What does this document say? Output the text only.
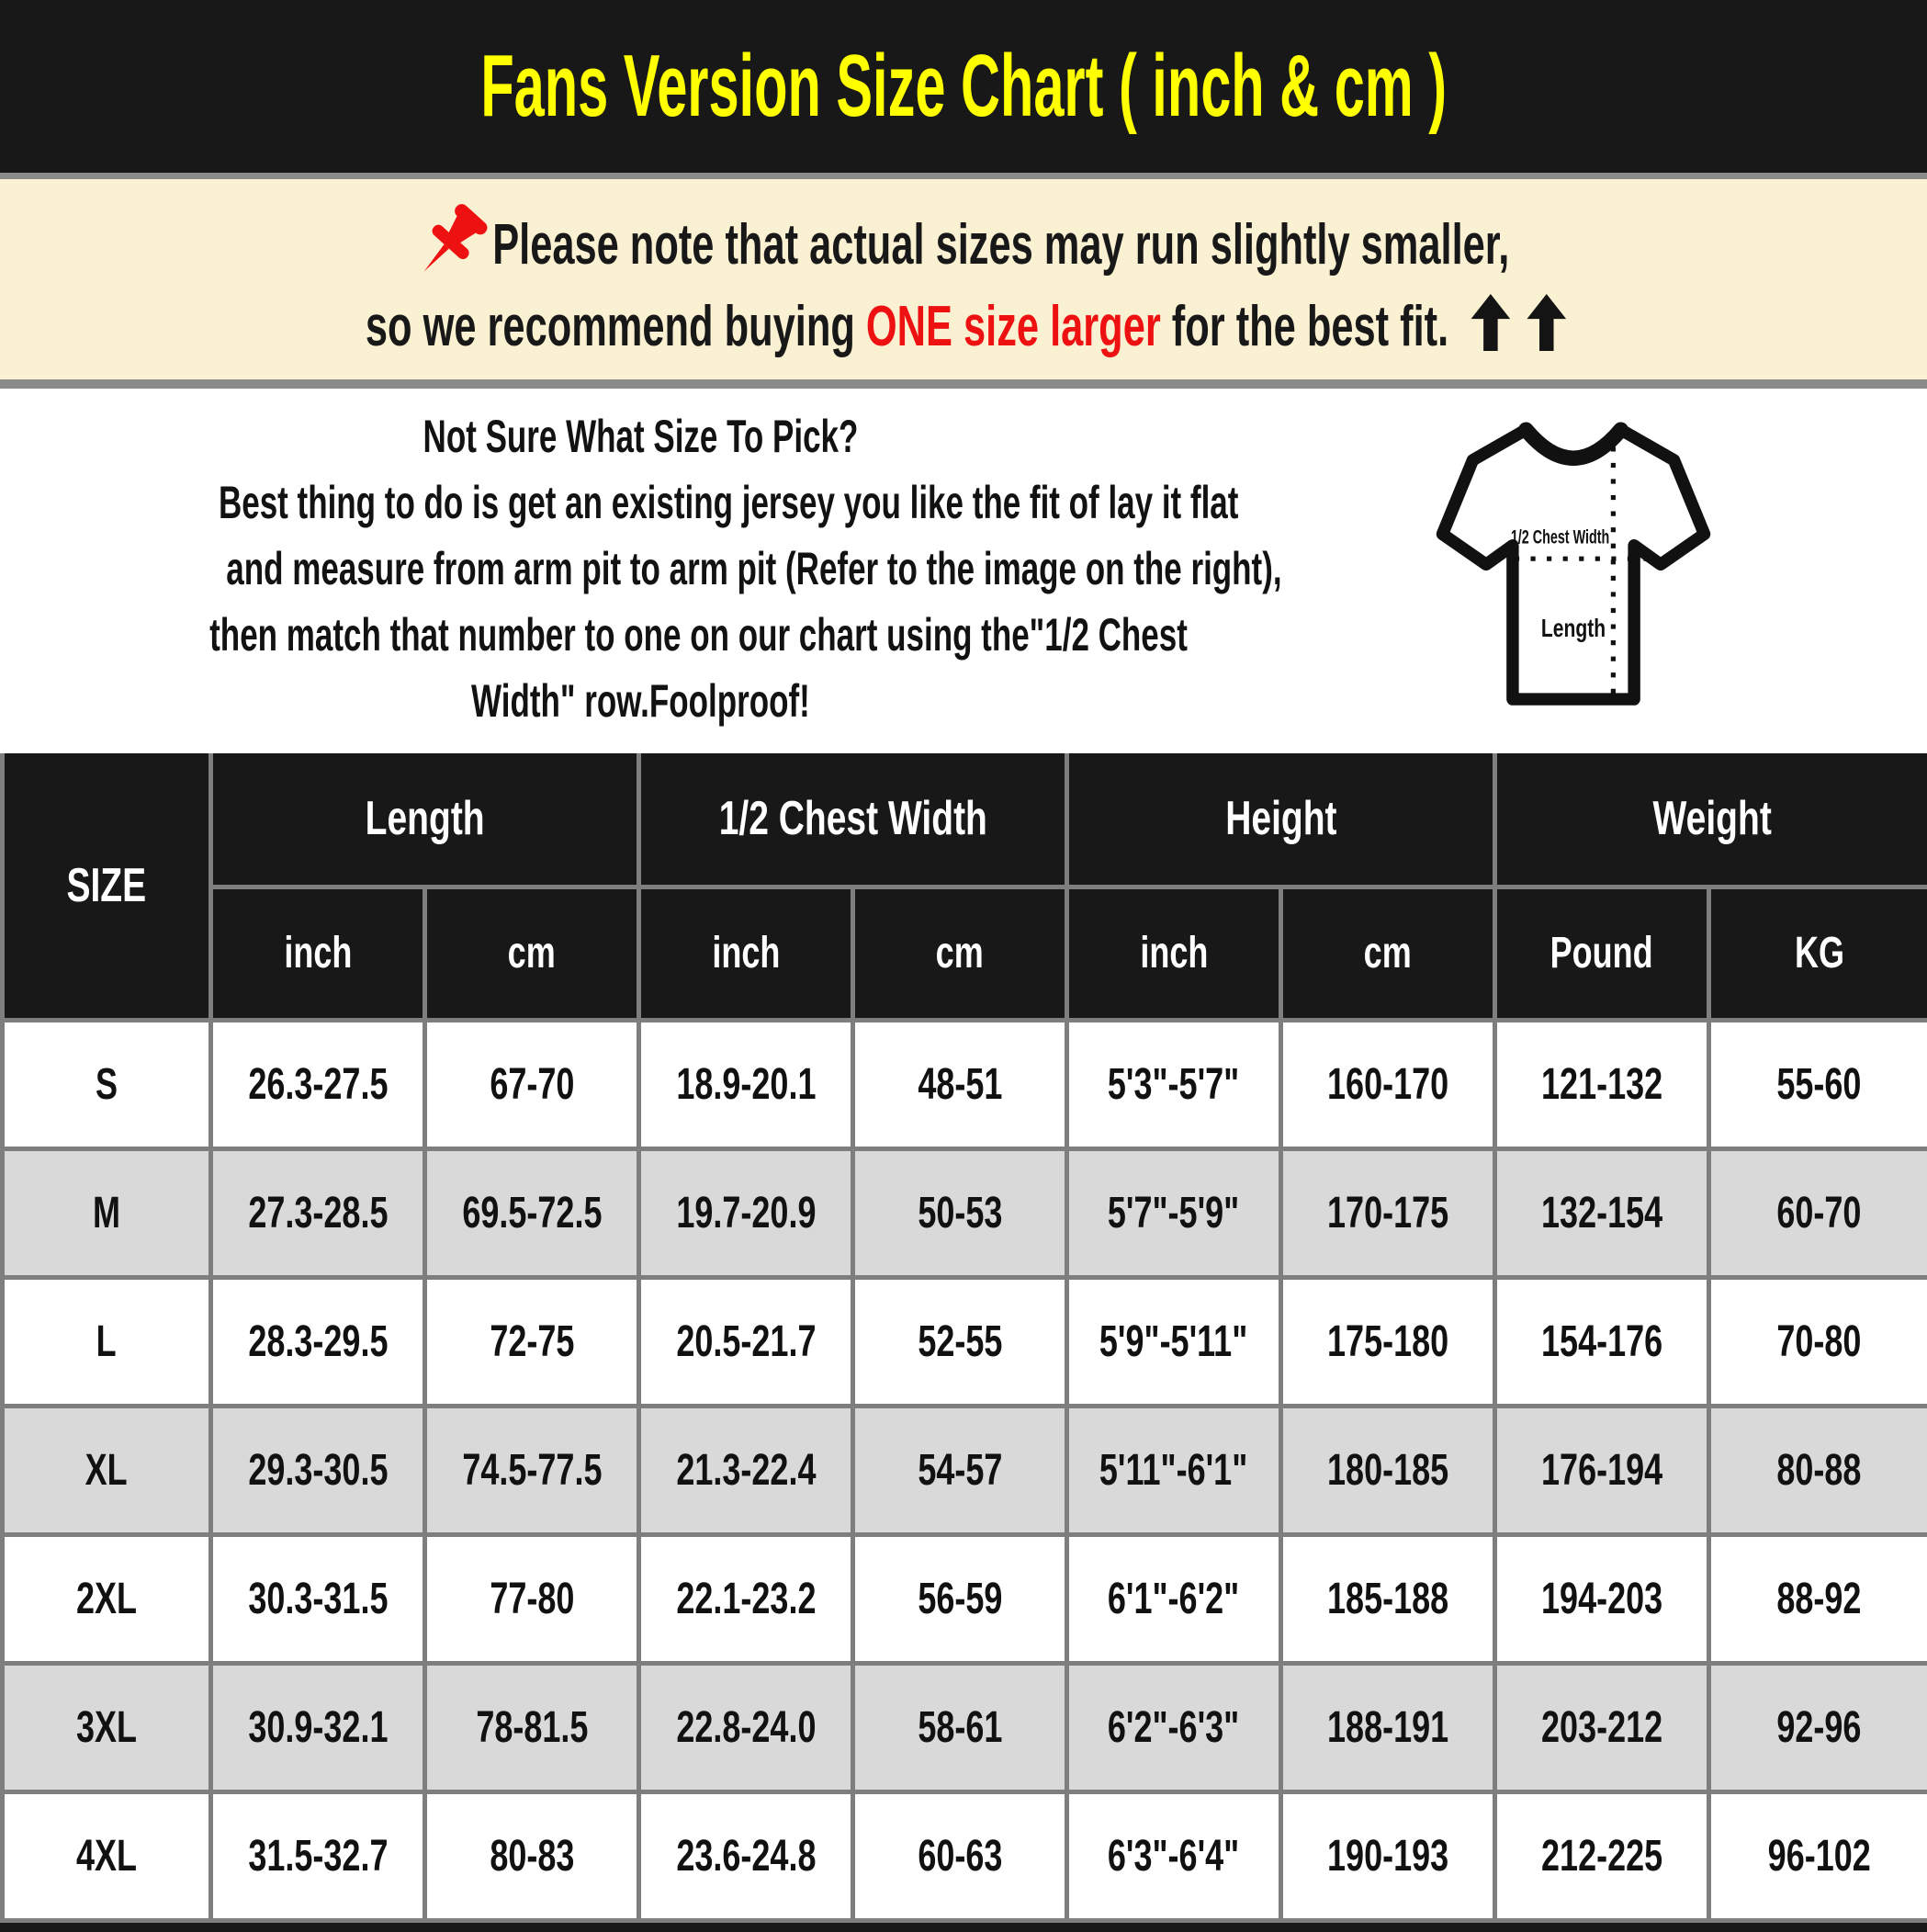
Fans Version Size Chart ( inch & cm )
Please note that actual sizes may run slightly smaller,
so we recommend buying ONE size larger for the best fit.
Not Sure What Size To Pick?
Best thing to do is get an existing jersey you like the fit of lay it flat
and measure from arm pit to arm pit (Refer to the image on the right),
then match that number to one on our chart using the"1/2 Chest
Width" row.Foolproof!
1/2 Chest Width
Length
SIZE	Length		1/2 Chest Width		Height		Weight	
	inch	cm	inch	cm	inch	cm	Pound	KG
S	26.3-27.5	67-70	18.9-20.1	48-51	5'3"-5'7"	160-170	121-132	55-60
M	27.3-28.5	69.5-72.5	19.7-20.9	50-53	5'7"-5'9"	170-175	132-154	60-70
L	28.3-29.5	72-75	20.5-21.7	52-55	5'9"-5'11"	175-180	154-176	70-80
XL	29.3-30.5	74.5-77.5	21.3-22.4	54-57	5'11"-6'1"	180-185	176-194	80-88
2XL	30.3-31.5	77-80	22.1-23.2	56-59	6'1"-6'2"	185-188	194-203	88-92
3XL	30.9-32.1	78-81.5	22.8-24.0	58-61	6'2"-6'3"	188-191	203-212	92-96
4XL	31.5-32.7	80-83	23.6-24.8	60-63	6'3"-6'4"	190-193	212-225	96-102
